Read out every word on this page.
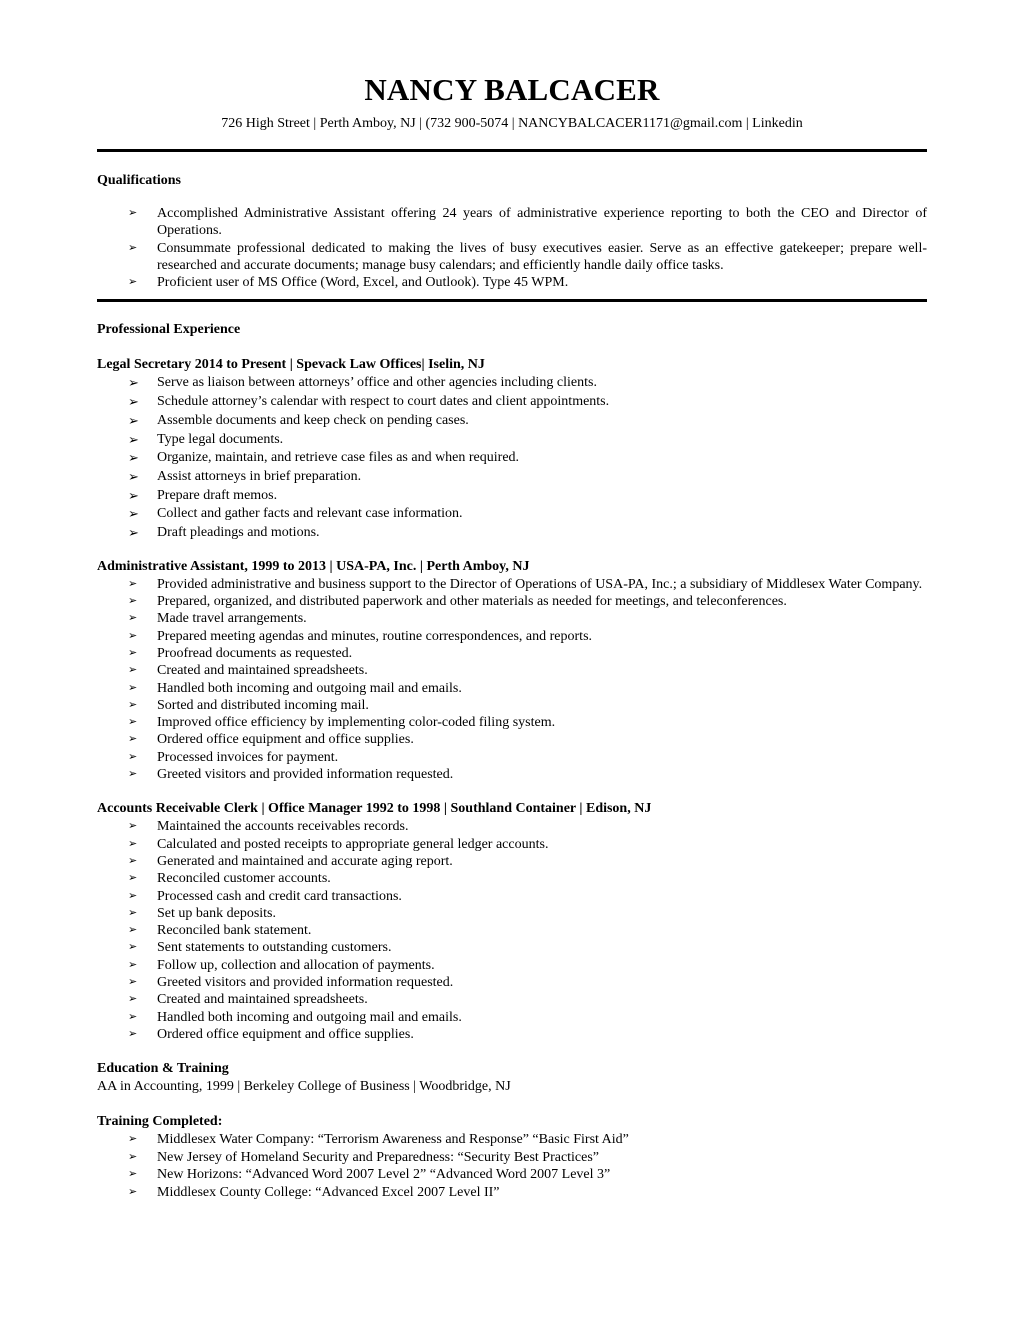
NANCY BALCACER
726 High Street | Perth Amboy, NJ | (732 900-5074 | NANCYBALCACER1171@gmail.com | Linkedin
Qualifications
➢ Accomplished Administrative Assistant offering 24 years of administrative experience reporting to both the CEO and Director of Operations.
➢ Consummate professional dedicated to making the lives of busy executives easier. Serve as an effective gatekeeper; prepare well-researched and accurate documents; manage busy calendars; and efficiently handle daily office tasks.
➢ Proficient user of MS Office (Word, Excel, and Outlook). Type 45 WPM.
Professional Experience
Legal Secretary 2014 to Present | Spevack Law Offices| Iselin, NJ
➢ Serve as liaison between attorneys’ office and other agencies including clients.
➢ Schedule attorney’s calendar with respect to court dates and client appointments.
➢ Assemble documents and keep check on pending cases.
➢ Type legal documents.
➢ Organize, maintain, and retrieve case files as and when required.
➢ Assist attorneys in brief preparation.
➢ Prepare draft memos.
➢ Collect and gather facts and relevant case information.
➢ Draft pleadings and motions.
Administrative Assistant, 1999 to 2013 | USA-PA, Inc. | Perth Amboy, NJ
➢ Provided administrative and business support to the Director of Operations of USA-PA, Inc.; a subsidiary of Middlesex Water Company.
➢ Prepared, organized, and distributed paperwork and other materials as needed for meetings, and teleconferences.
➢ Made travel arrangements.
➢ Prepared meeting agendas and minutes, routine correspondences, and reports.
➢ Proofread documents as requested.
➢ Created and maintained spreadsheets.
➢ Handled both incoming and outgoing mail and emails.
➢ Sorted and distributed incoming mail.
➢ Improved office efficiency by implementing color-coded filing system.
➢ Ordered office equipment and office supplies.
➢ Processed invoices for payment.
➢ Greeted visitors and provided information requested.
Accounts Receivable Clerk | Office Manager 1992 to 1998 | Southland Container | Edison, NJ
➢ Maintained the accounts receivables records.
➢ Calculated and posted receipts to appropriate general ledger accounts.
➢ Generated and maintained and accurate aging report.
➢ Reconciled customer accounts.
➢ Processed cash and credit card transactions.
➢ Set up bank deposits.
➢ Reconciled bank statement.
➢ Sent statements to outstanding customers.
➢ Follow up, collection and allocation of payments.
➢ Greeted visitors and provided information requested.
➢ Created and maintained spreadsheets.
➢ Handled both incoming and outgoing mail and emails.
➢ Ordered office equipment and office supplies.
Education & Training
AA in Accounting, 1999 | Berkeley College of Business | Woodbridge, NJ
Training Completed:
➢ Middlesex Water Company: “Terrorism Awareness and Response” “Basic First Aid”
➢ New Jersey of Homeland Security and Preparedness: “Security Best Practices”
➢ New Horizons: “Advanced Word 2007 Level 2” “Advanced Word 2007 Level 3”
➢ Middlesex County College: “Advanced Excel 2007 Level II”
